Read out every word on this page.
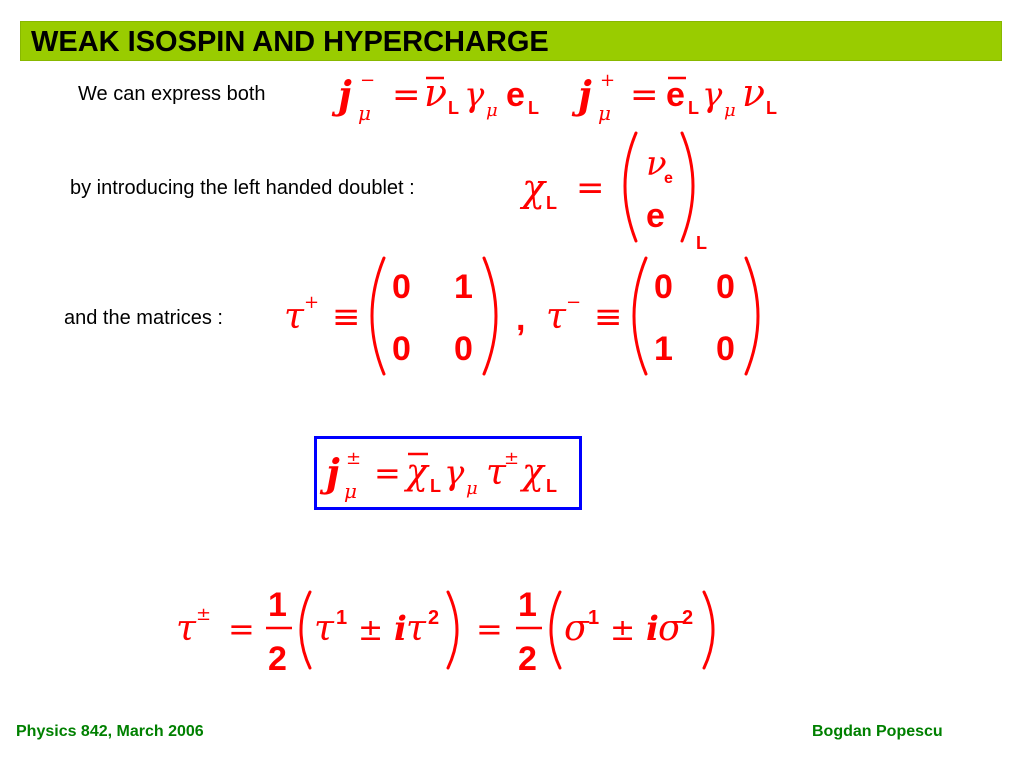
WEAK ISOSPIN AND HYPERCHARGE
We can express both j −
μ = ν L γ μ e L j +
μ = e L γ μ ν L
by introducing the left handed doublet :	χ L =
ν
e
e
L
and the matrices : τ + ≡
0 1
0 0
, τ − ≡
0 0
1 0
j ±
μ = χ L γ μ τ
± χ L
τ ± =
1
2
τ 1 ± i τ 2 =
1
2
σ 1 ± i σ 2
Physics 842, March 2006	Bogdan Popescu
